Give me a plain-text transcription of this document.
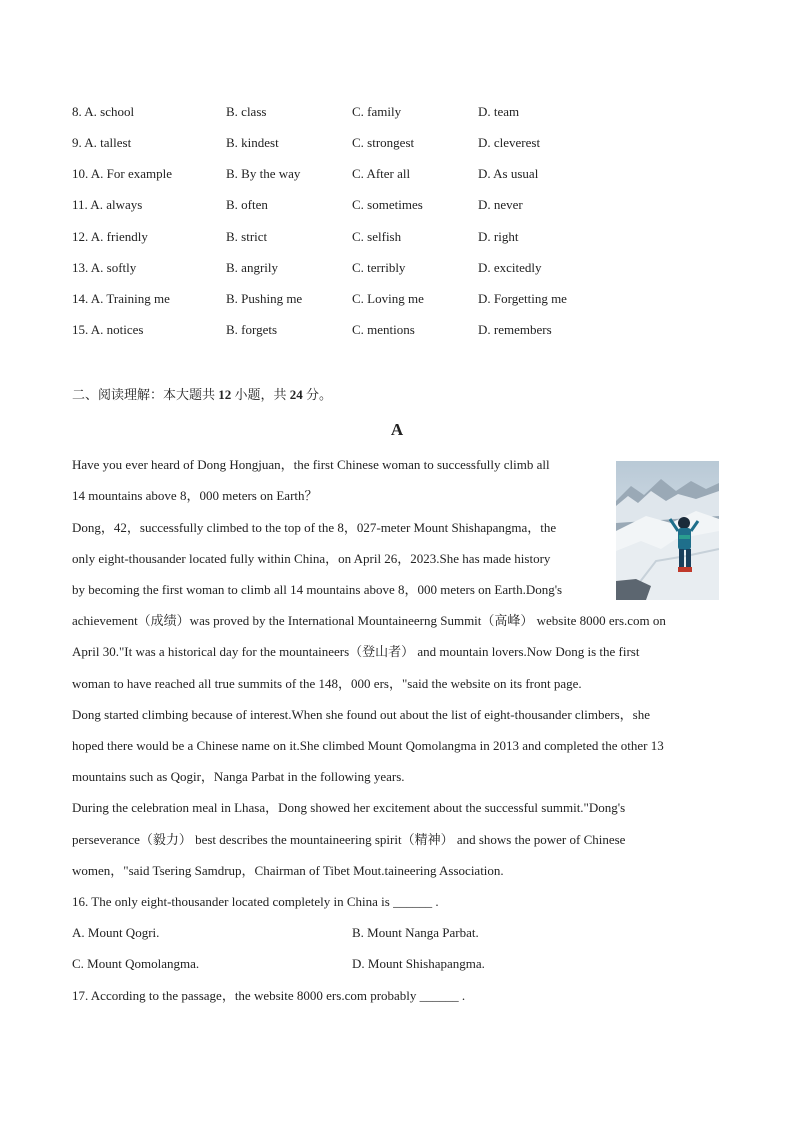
8. A. school	B. class	C. family	D. team
9. A. tallest	B. kindest	C. strongest	D. cleverest
10. A. For example	B. By the way	C. After all	D. As usual
11. A. always	B. often	C. sometimes	D. never
12. A. friendly	B. strict	C. selfish	D. right
13. A. softly	B. angrily	C. terribly	D. excitedly
14. A. Training me	B. Pushing me	C. Loving me	D. Forgetting me
15. A. notices	B. forgets	C. mentions	D. remembers
二、阅读理解：本大题共 12 小题，共 24 分。
A
Have you ever heard of Dong Hongjuan，the first Chinese woman to successfully climb all
14 mountains above 8，000 meters on Earth？
Dong，42，successfully climbed to the top of the 8，027-meter Mount Shishapangma，the
only eight-thousander located fully within China，on April 26，2023.She has made history
by becoming the first woman to climb all 14 mountains above 8，000 meters on Earth.Dong's
achievement（成绩）was proved by the International Mountaineerng Summit（高峰） website 8000 ers.com on
April 30."It was a historical day for the mountaineers（登山者） and mountain lovers.Now Dong is the first
woman to have reached all true summits of the 148，000 ers，"said the website on its front page.
Dong started climbing because of interest.When she found out about the list of eight-thousander climbers，she
hoped there would be a Chinese name on it.She climbed Mount Qomolangma in 2013 and completed the other 13
mountains such as Qogir，Nanga Parbat in the following years.
During the celebration meal in Lhasa，Dong showed her excitement about the successful summit."Dong's
perseverance（毅力） best describes the mountaineering spirit（精神） and shows the power of Chinese
women，"said Tsering Samdrup，Chairman of Tibet Mout.taineering Association.
16. The only eight-thousander located completely in China is ______ .
A. Mount Qogri.	B. Mount Nanga Parbat.
C. Mount Qomolangma.	D. Mount Shishapangma.
17. According to the passage，the website 8000 ers.com probably ______ .
